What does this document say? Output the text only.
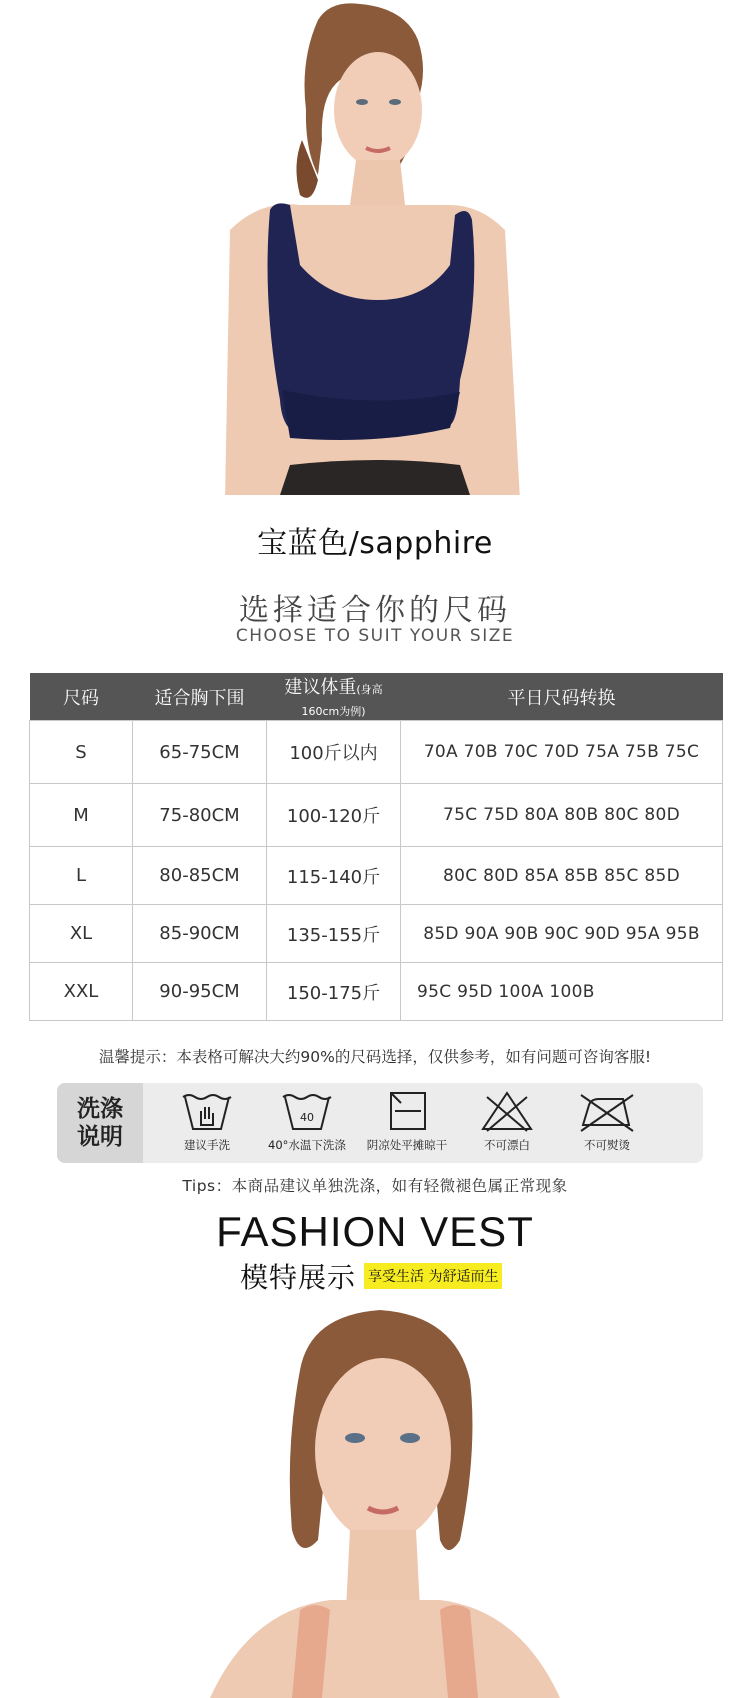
宝蓝色/sapphire
选择适合你的尺码
CHOOSE TO SUIT YOUR SIZE
尺码	适合胸下围	建议体重(身高160cm为例)	平日尺码转换
S	65-75CM	100斤以内	70A 70B 70C 70D 75A 75B 75C
M	75-80CM	100-120斤	75C 75D 80A 80B 80C 80D
L	80-85CM	115-140斤	80C 80D 85A 85B 85C 85D
XL	85-90CM	135-155斤	85D 90A 90B 90C 90D 95A 95B
XXL	90-95CM	150-175斤	95C 95D 100A 100B
温馨提示：本表格可解决大约90%的尺码选择，仅供参考，如有问题可咨询客服!
洗涤
说明	建议手洗
40
40°水温下洗涤	阴凉处平摊晾干	不可漂白	不可熨烫
Tips：本商品建议单独洗涤，如有轻微褪色属正常现象
FASHION VEST
模特展示 享受生活 为舒适而生
